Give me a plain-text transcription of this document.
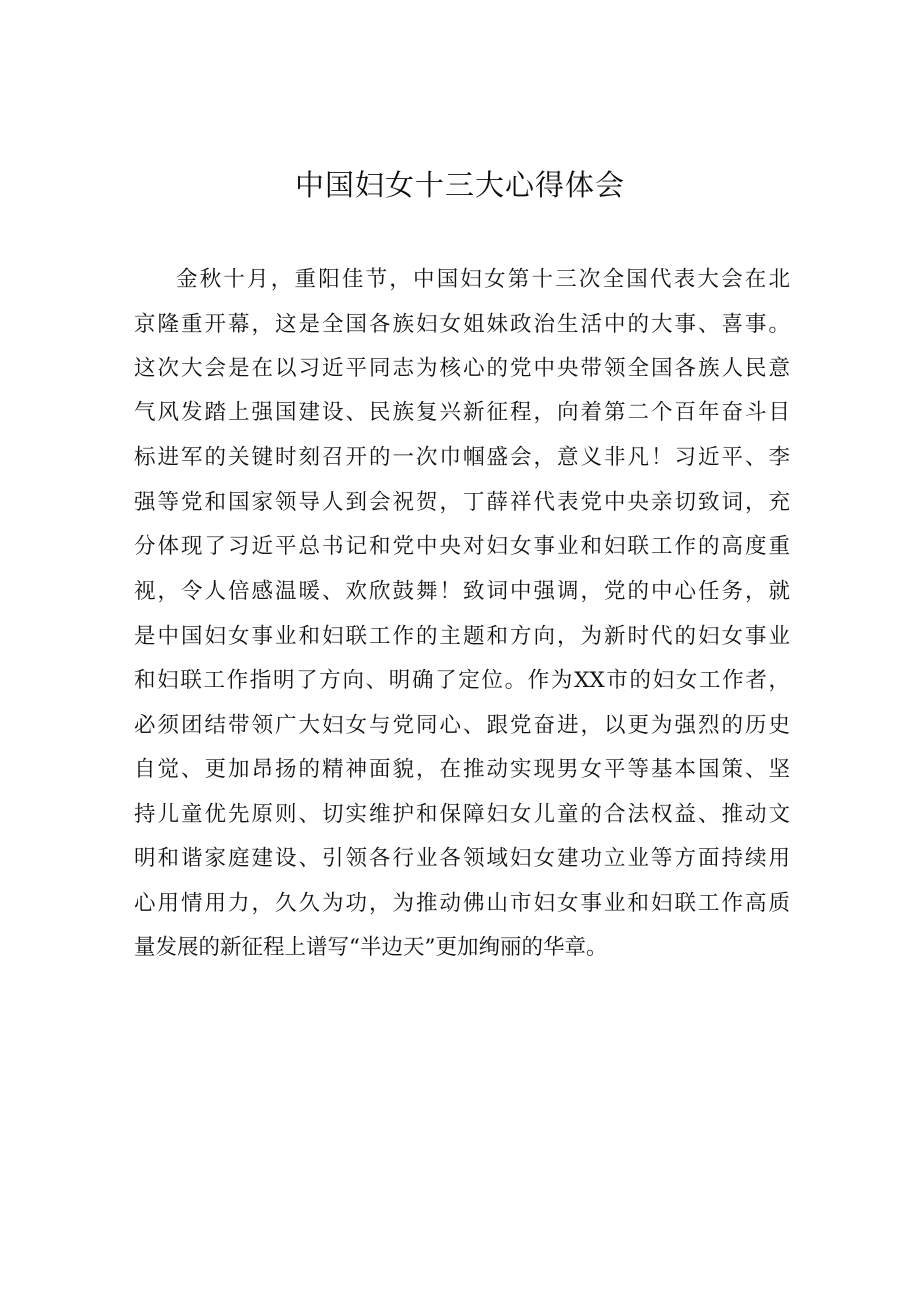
中国妇女十三大心得体会
金秋十月，重阳佳节，中国妇女第十三次全国代表大会在北
京隆重开幕，这是全国各族妇女姐妹政治生活中的大事、喜事。
这次大会是在以习近平同志为核心的党中央带领全国各族人民意
气风发踏上强国建设、民族复兴新征程，向着第二个百年奋斗目
标进军的关键时刻召开的一次巾帼盛会，意义非凡！习近平、李
强等党和国家领导人到会祝贺，丁薛祥代表党中央亲切致词，充
分体现了习近平总书记和党中央对妇女事业和妇联工作的高度重
视，令人倍感温暖、欢欣鼓舞！致词中强调，党的中心任务，就
是中国妇女事业和妇联工作的主题和方向，为新时代的妇女事业
和妇联工作指明了方向、明确了定位。作为XX市的妇女工作者，
必须团结带领广大妇女与党同心、跟党奋进，以更为强烈的历史
自觉、更加昂扬的精神面貌，在推动实现男女平等基本国策、坚
持儿童优先原则、切实维护和保障妇女儿童的合法权益、推动文
明和谐家庭建设、引领各行业各领域妇女建功立业等方面持续用
心用情用力，久久为功，为推动佛山市妇女事业和妇联工作高质
量发展的新征程上谱写“半边天”更加绚丽的华章。
